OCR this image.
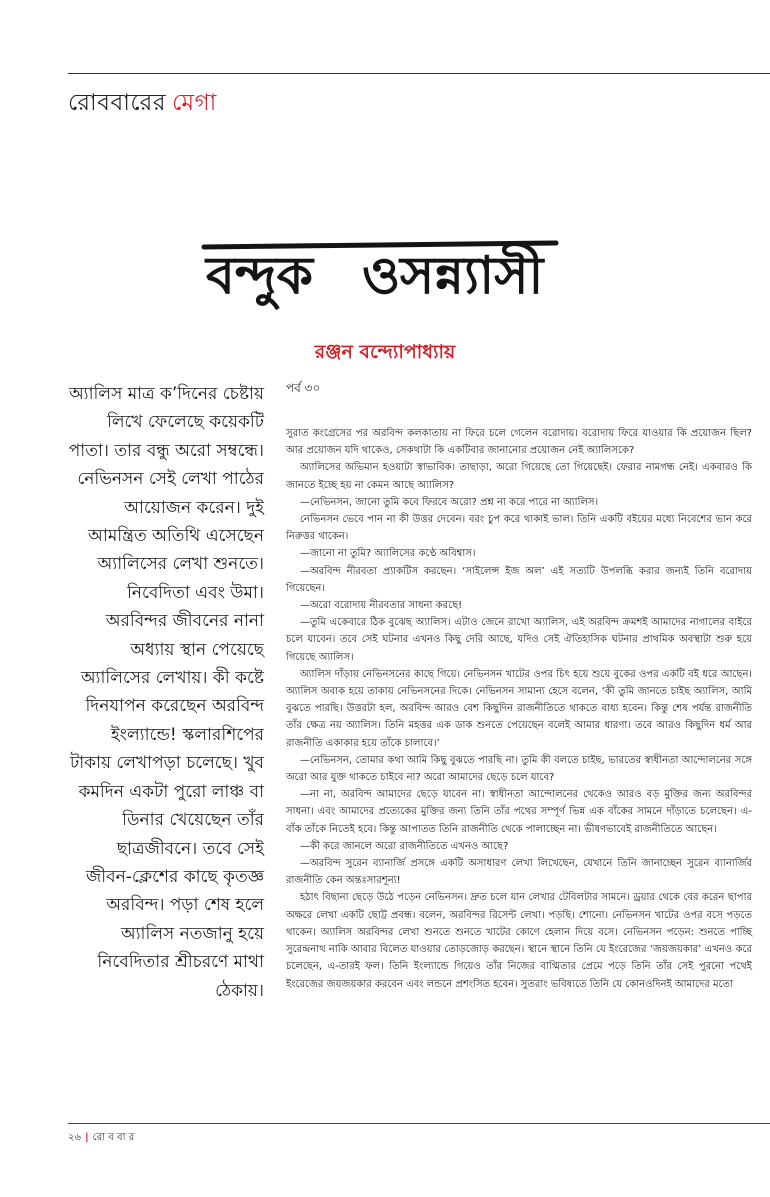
রোববারের মেগা
বন্দুক ও সন্ন্যাসী
রঞ্জন বন্দ্যোপাধ্যায়
অ্যালিস মাত্র ক’দিনের চেষ্টায় লিখে ফেলেছে কয়েকটি পাতা। তার বন্ধু অরো সম্বন্ধে। নেভিনসন সেই লেখা পাঠের আয়োজন করেন। দুই আমন্ত্রিত অতিথি এসেছেন অ্যালিসের লেখা শুনতে। নিবেদিতা এবং উমা। অরবিন্দর জীবনের নানা অধ্যায় স্থান পেয়েছে অ্যালিসের লেখায়। কী কষ্টে দিনযাপন করেছেন অরবিন্দ ইংল্যান্ডে! স্কলারশিপের টাকায় লেখাপড়া চলেছে। খুব কমদিন একটা পুরো লাঞ্চ বা ডিনার খেয়েছেন তাঁর ছাত্রজীবনে। তবে সেই জীবন-ক্লেশের কাছে কৃতজ্ঞ অরবিন্দ। পড়া শেষ হলে অ্যালিস নতজানু হয়ে নিবেদিতার শ্রীচরণে মাথা ঠেকায়।
পর্ব ৩০

সুরাত কংগ্রেসের পর অরবিন্দ কলকাতায় না ফিরে চলে গেলেন বরোদায়। বরোদায় ফিরে যাওয়ার কি প্রয়োজন ছিল? আর প্রয়োজন যদি থাকেও, সেকথাটা কি একটিবার জানানোর প্রয়োজন নেই অ্যালিসকে?

অ্যালিসের অভিমান হওয়াটা স্বাভাবিক। তাছাড়া, অরো গিয়েছে তো গিয়েছেই। ফেরার নামগন্ধ নেই। একবারও কি জানতে ইচ্ছে হয় না কেমন আছে অ্যালিস?

—নেভিনসন, জানো তুমি কবে ফিরবে অরো? প্রশ্ন না করে পারে না অ্যালিস।

নেভিনসন ভেবে পান না কী উত্তর দেবেন। বরং চুপ করে থাকাই ভাল। তিনি একটি বইয়ের মধ্যে নিবেশের ভান করে নিরুত্তর থাকেন।

—জানো না তুমি? অ্যালিসের কণ্ঠে অবিশ্বাস।

—অরবিন্দ নীরবতা প্র্যাকটিস করছেন। ‘সাইলেন্স ইজ অল’ এই সত্যটি উপলব্ধি করার জন্যই তিনি বরোদায় গিয়েছেন।

—অরো বরোদায় নীরবতার সাধনা করছে!

—তুমি একেবারে ঠিক বুঝেছ অ্যালিস। এটাও জেনে রাখো অ্যালিস, এই অরবিন্দ ক্রমশই আমাদের নাগালের বাইরে চলে যাবেন। তবে সেই ঘটনার এখনও কিছু দেরি আছে, যদিও সেই ঐতিহাসিক ঘটনার প্রাথমিক অবস্থাটা শুরু হয়ে গিয়েছে অ্যালিস।

অ্যালিস দাঁড়ায় নেভিনসনের কাছে গিয়ে। নেভিনসন খাটের ওপর চিৎ হয়ে শুয়ে বুকের ওপর একটি বই ধরে আছেন। অ্যালিস অবাক হয়ে তাকায় নেভিনসনের দিকে। নেভিনসন সামান্য হেসে বলেন, ‘কী তুমি জানতে চাইছ অ্যালিস, আমি বুঝতে পারছি। উত্তরটা হল, অরবিন্দ আরও বেশ কিছুদিন রাজনীতিতে থাকতে বাধ্য হবেন। কিন্তু শেষ পর্যন্ত রাজনীতি তাঁর ক্ষেত্র নয় অ্যালিস। তিনি মহত্তর এক ডাক শুনতে পেয়েছেন বলেই আমার ধারণা। তবে আরও কিছুদিন ধর্ম আর রাজনীতি একাকার হয়ে তাঁকে চালাবে।’

—নেভিনসন, তোমার কথা আমি কিছু বুঝতে পারছি না। তুমি কী বলতে চাইছ, ভারতের স্বাধীনতা আন্দোলনের সঙ্গে অরো আর যুক্ত থাকতে চাইবে না? অরো আমাদের ছেড়ে চলে যাবে?

—না না, অরবিন্দ আমাদের ছেড়ে যাবেন না। স্বাধীনতা আন্দোলনের থেকেও আরও বড় মুক্তির জন্য অরবিন্দর সাধনা। এবং আমাদের প্রত্যেকের মুক্তির জন্য তিনি তাঁর পথের সম্পূর্ণ ভিন্ন এক বাঁকের সামনে দাঁড়াতে চলেছেন। এ-বাঁক তাঁকে নিতেই হবে। কিন্তু আপাতত তিনি রাজনীতি থেকে পালাচ্ছেন না। ভীষণভাবেই রাজনীতিতে আছেন।

—কী করে জানলে অরো রাজনীতিতে এখনও আছে?

—অরবিন্দ সুরেন ব্যানার্জি প্রসঙ্গে একটি অসাধারণ লেখা লিখেছেন, যেখানে তিনি জানাচ্ছেন সুরেন ব্যানার্জির রাজনীতি কেন অন্তঃসারশূন্য!

হঠাৎ বিছানা ছেড়ে উঠে পড়েন নেভিনসন। দ্রুত চলে যান লেখার টেবিলটার সামনে। ড্রয়ার থেকে বের করেন ছাপার অক্ষরে লেখা একটি ছোট্ট প্রবন্ধ। বলেন, অরবিন্দর রিসেন্ট লেখা। পড়ছি। শোনো। নেভিনসন খাটের ওপর বসে পড়তে থাকেন। অ্যালিস অরবিন্দর লেখা শুনতে শুনতে খাটের কোণে হেলান দিয়ে বসে। নেভিনসন পড়েন: শুনতে পাচ্ছি সুরেন্দ্রনাথ নাকি আবার বিলেত যাওয়ার তোড়জোড় করছেন। স্থানে স্থানে তিনি যে ইংরেজের ‘জয়জয়কার’ এখনও করে চলেছেন, এ-তারই ফল। তিনি ইংল্যান্ডে গিয়েও তাঁর নিজের বাগ্মিতার প্রেমে পড়ে তিনি তাঁর সেই পুরনো পথেই ইংরেজের জয়জয়কার করবেন এবং লন্ডনে প্রশংসিত হবেন। সুতরাং ভবিষ্যতে তিনি যে কোনওদিনই আমাদের মতো

২৬ | রো ব বা র
